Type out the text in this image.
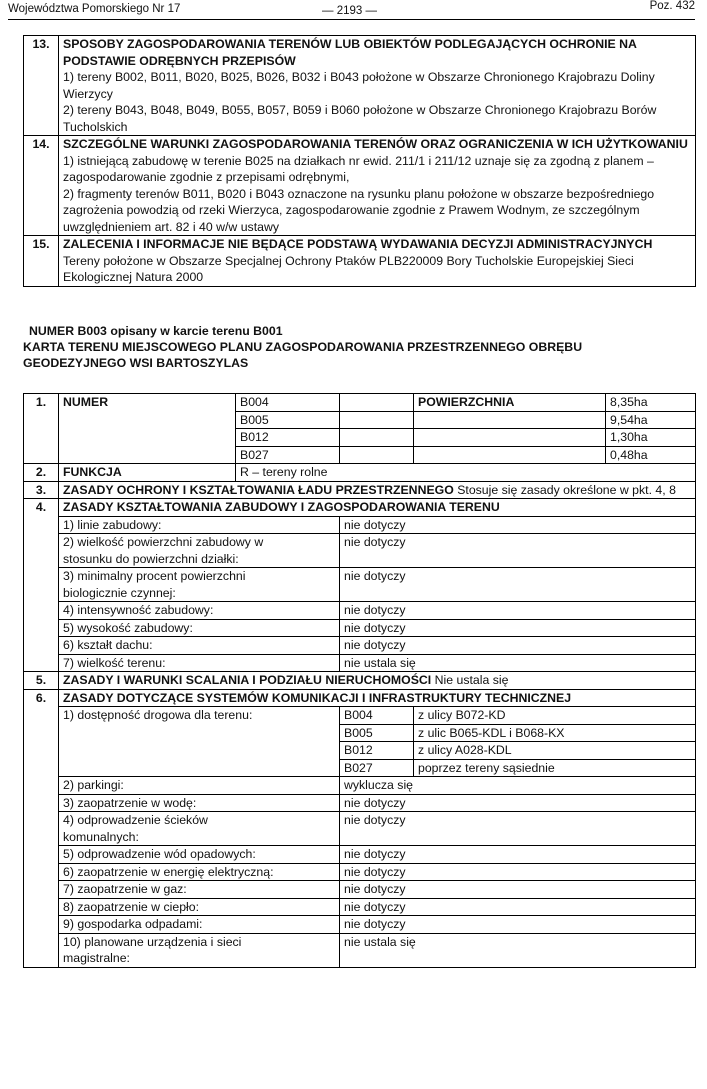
Województwa Pomorskiego Nr 17	— 2193 —	Poz. 432
13.	SPOSOBY ZAGOSPODAROWANIA TERENÓW LUB OBIEKTÓW PODLEGAJĄCYCH OCHRONIE NA PODSTAWIE ODRĘBNYCH PRZEPISÓW
1) tereny B002, B011, B020, B025, B026, B032 i B043 położone w Obszarze Chronionego Krajobrazu Doliny Wierzycy
2) tereny B043, B048, B049, B055, B057, B059 i B060 położone w Obszarze Chronionego Krajobrazu Borów Tucholskich

14.	SZCZEGÓLNE WARUNKI ZAGOSPODAROWANIA TERENÓW ORAZ OGRANICZENIA W ICH UŻYTKOWANIU
1) istniejącą zabudowę w terenie B025 na działkach nr ewid. 211/1 i 211/12 uznaje się za zgodną z planem – zagospodarowanie zgodnie z przepisami odrębnymi,
2) fragmenty terenów B011, B020 i B043 oznaczone na rysunku planu położone w obszarze bezpośredniego zagrożenia powodzią od rzeki Wierzyca, zagospodarowanie zgodnie z Prawem Wodnym, ze szczególnym uwzględnieniem art. 82 i 40 w/w ustawy

15.	ZALECENIA I INFORMACJE NIE BĘDĄCE PODSTAWĄ WYDAWANIA DECYZJI ADMINISTRACYJNYCH Tereny położone w Obszarze Specjalnej Ochrony Ptaków PLB220009 Bory Tucholskie Europejskiej Sieci Ekologicznej Natura 2000
NUMER B003 opisany w karcie terenu B001
KARTA TERENU MIEJSCOWEGO PLANU ZAGOSPODAROWANIA PRZESTRZENNEGO OBRĘBU
GEODEZYJNEGO WSI BARTOSZYLAS
1.	NUMER	B004		POWIERZCHNIA	8,35ha
		B005			9,54ha
		B012			1,30ha
		B027			0,48ha
2.	FUNKCJA	R – tereny rolne			
3.	ZASADY OCHRONY I KSZTAŁTOWANIA ŁADU PRZESTRZENNEGO Stosuje się zasady określone w pkt. 4, 8				
4.	ZASADY KSZTAŁTOWANIA ZABUDOWY I ZAGOSPODAROWANIA TERENU				
	1) linie zabudowy:		nie dotyczy		

	2) wielkość powierzchni zabudowy w stosunku do powierzchni działki:		nie dotyczy		

	3) minimalny procent powierzchni biologicznie czynnej:		nie dotyczy		
	4) intensywność zabudowy:		nie dotyczy		
	5) wysokość zabudowy:		nie dotyczy		
	6) kształt dachu:		nie dotyczy		
	7) wielkość terenu:		nie ustala się		
5.	ZASADY I WARUNKI SCALANIA I PODZIAŁU NIERUCHOMOŚCI Nie ustala się				
6.	ZASADY DOTYCZĄCE SYSTEMÓW KOMUNIKACJI I INFRASTRUKTURY TECHNICZNEJ				
	1) dostępność drogowa dla terenu:		B004	z ulicy B072-KD	
			B005	z ulic B065-KDL i B068-KX	
			B012	z ulicy A028-KDL	
			B027	poprzez tereny sąsiednie	
	2) parkingi:		wyklucza się		
	3) zaopatrzenie w wodę:		nie dotyczy		

	4) odprowadzenie ścieków komunalnych:		nie dotyczy		
	5) odprowadzenie wód opadowych:		nie dotyczy		
	6) zaopatrzenie w energię elektryczną:		nie dotyczy		
	7) zaopatrzenie w gaz:		nie dotyczy		
	8) zaopatrzenie w ciepło:		nie dotyczy		
	9) gospodarka odpadami:		nie dotyczy		

	10) planowane urządzenia i sieci magistralne:		nie ustala się		
